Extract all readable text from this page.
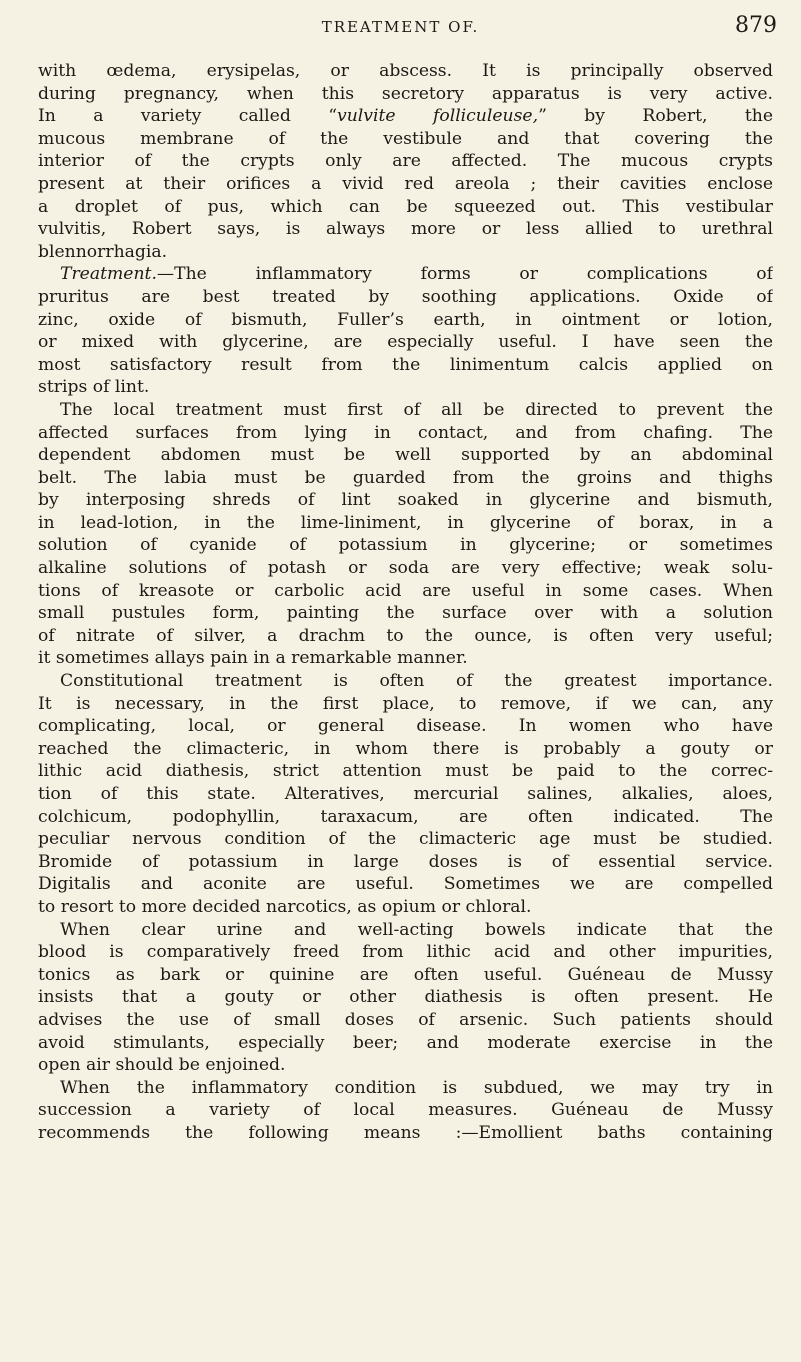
TREATMENT OF.	879
with œdema, erysipelas, or abscess. It is principally observed
during pregnancy, when this secretory apparatus is very active.
In a variety called “vulvite folliculeuse,” by Robert, the
mucous membrane of the vestibule and that covering the
interior of the crypts only are affected. The mucous crypts
present at their orifices a vivid red areola ; their cavities enclose
a droplet of pus, which can be squeezed out. This vestibular
vulvitis, Robert says, is always more or less allied to urethral
blennorrhagia.
Treatment.—The inflammatory forms or complications of
pruritus are best treated by soothing applications. Oxide of
zinc, oxide of bismuth, Fuller’s earth, in ointment or lotion,
or mixed with glycerine, are especially useful. I have seen the
most satisfactory result from the linimentum calcis applied on
strips of lint.
The local treatment must first of all be directed to prevent the
affected surfaces from lying in contact, and from chafing. The
dependent abdomen must be well supported by an abdominal
belt. The labia must be guarded from the groins and thighs
by interposing shreds of lint soaked in glycerine and bismuth,
in lead-lotion, in the lime-liniment, in glycerine of borax, in a
solution of cyanide of potassium in glycerine; or sometimes
alkaline solutions of potash or soda are very effective; weak solu-
tions of kreasote or carbolic acid are useful in some cases. When
small pustules form, painting the surface over with a solution
of nitrate of silver, a drachm to the ounce, is often very useful;
it sometimes allays pain in a remarkable manner.
Constitutional treatment is often of the greatest importance.
It is necessary, in the first place, to remove, if we can, any
complicating, local, or general disease. In women who have
reached the climacteric, in whom there is probably a gouty or
lithic acid diathesis, strict attention must be paid to the correc-
tion of this state. Alteratives, mercurial salines, alkalies, aloes,
colchicum, podophyllin, taraxacum, are often indicated. The
peculiar nervous condition of the climacteric age must be studied.
Bromide of potassium in large doses is of essential service.
Digitalis and aconite are useful. Sometimes we are compelled
to resort to more decided narcotics, as opium or chloral.
When clear urine and well-acting bowels indicate that the
blood is comparatively freed from lithic acid and other impurities,
tonics as bark or quinine are often useful. Guéneau de Mussy
insists that a gouty or other diathesis is often present. He
advises the use of small doses of arsenic. Such patients should
avoid stimulants, especially beer; and moderate exercise in the
open air should be enjoined.
When the inflammatory condition is subdued, we may try in
succession a variety of local measures. Guéneau de Mussy
recommends the following means :—Emollient baths containing
